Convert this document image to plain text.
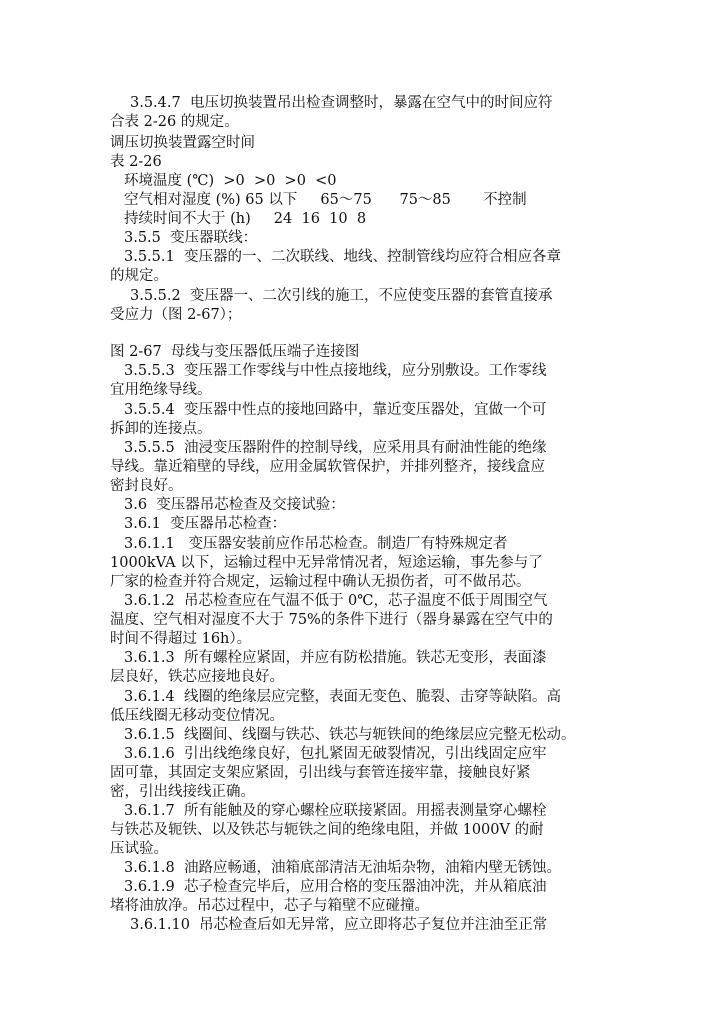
3.5.4.7  电压切换装置吊出检查调整时，暴露在空气中的时间应符
合表 2-26 的规定。
调压切换装置露空时间
表 2-26
环境温度 (℃)  >0  >0  >0  <0
空气相对湿度 (%) 65 以下     65～75      75～85       不控制
持续时间不大于 (h)     24  16  10  8
3.5.5  变压器联线：
3.5.5.1  变压器的一、二次联线、地线、控制管线均应符合相应各章
的规定。
3.5.5.2  变压器一、二次引线的施工，不应使变压器的套管直接承
受应力（图 2-67）；
图 2-67  母线与变压器低压端子连接图
3.5.5.3  变压器工作零线与中性点接地线，应分别敷设。工作零线
宜用绝缘导线。
3.5.5.4  变压器中性点的接地回路中，靠近变压器处，宜做一个可
拆卸的连接点。
3.5.5.5  油浸变压器附件的控制导线，应采用具有耐油性能的绝缘
导线。靠近箱壁的导线，应用金属软管保护，并排列整齐，接线盒应
密封良好。
3.6  变压器吊芯检查及交接试验：
3.6.1  变压器吊芯检查：
3.6.1.1   变压器安装前应作吊芯检查。制造厂有特殊规定者
1000kVA 以下，运输过程中无异常情况者，短途运输，事先参与了
厂家的检查并符合规定，运输过程中确认无损伤者，可不做吊芯。
3.6.1.2  吊芯检查应在气温不低于 0℃，芯子温度不低于周围空气
温度、空气相对湿度不大于 75%的条件下进行（器身暴露在空气中的
时间不得超过 16h）。
3.6.1.3  所有螺栓应紧固，并应有防松措施。铁芯无变形，表面漆
层良好，铁芯应接地良好。
3.6.1.4  线圈的绝缘层应完整，表面无变色、脆裂、击穿等缺陷。高
低压线圈无移动变位情况。
3.6.1.5  线圈间、线圈与铁芯、铁芯与轭铁间的绝缘层应完整无松动。
3.6.1.6  引出线绝缘良好，包扎紧固无破裂情况，引出线固定应牢
固可靠，其固定支架应紧固，引出线与套管连接牢靠，接触良好紧
密，引出线接线正确。
3.6.1.7  所有能触及的穿心螺栓应联接紧固。用摇表测量穿心螺栓
与铁芯及轭铁、以及铁芯与轭铁之间的绝缘电阻，并做 1000V 的耐
压试验。
3.6.1.8  油路应畅通，油箱底部清洁无油垢杂物，油箱内壁无锈蚀。
3.6.1.9  芯子检查完毕后，应用合格的变压器油冲洗，并从箱底油
堵将油放净。吊芯过程中，芯子与箱壁不应碰撞。
3.6.1.10  吊芯检查后如无异常，应立即将芯子复位并注油至正常
